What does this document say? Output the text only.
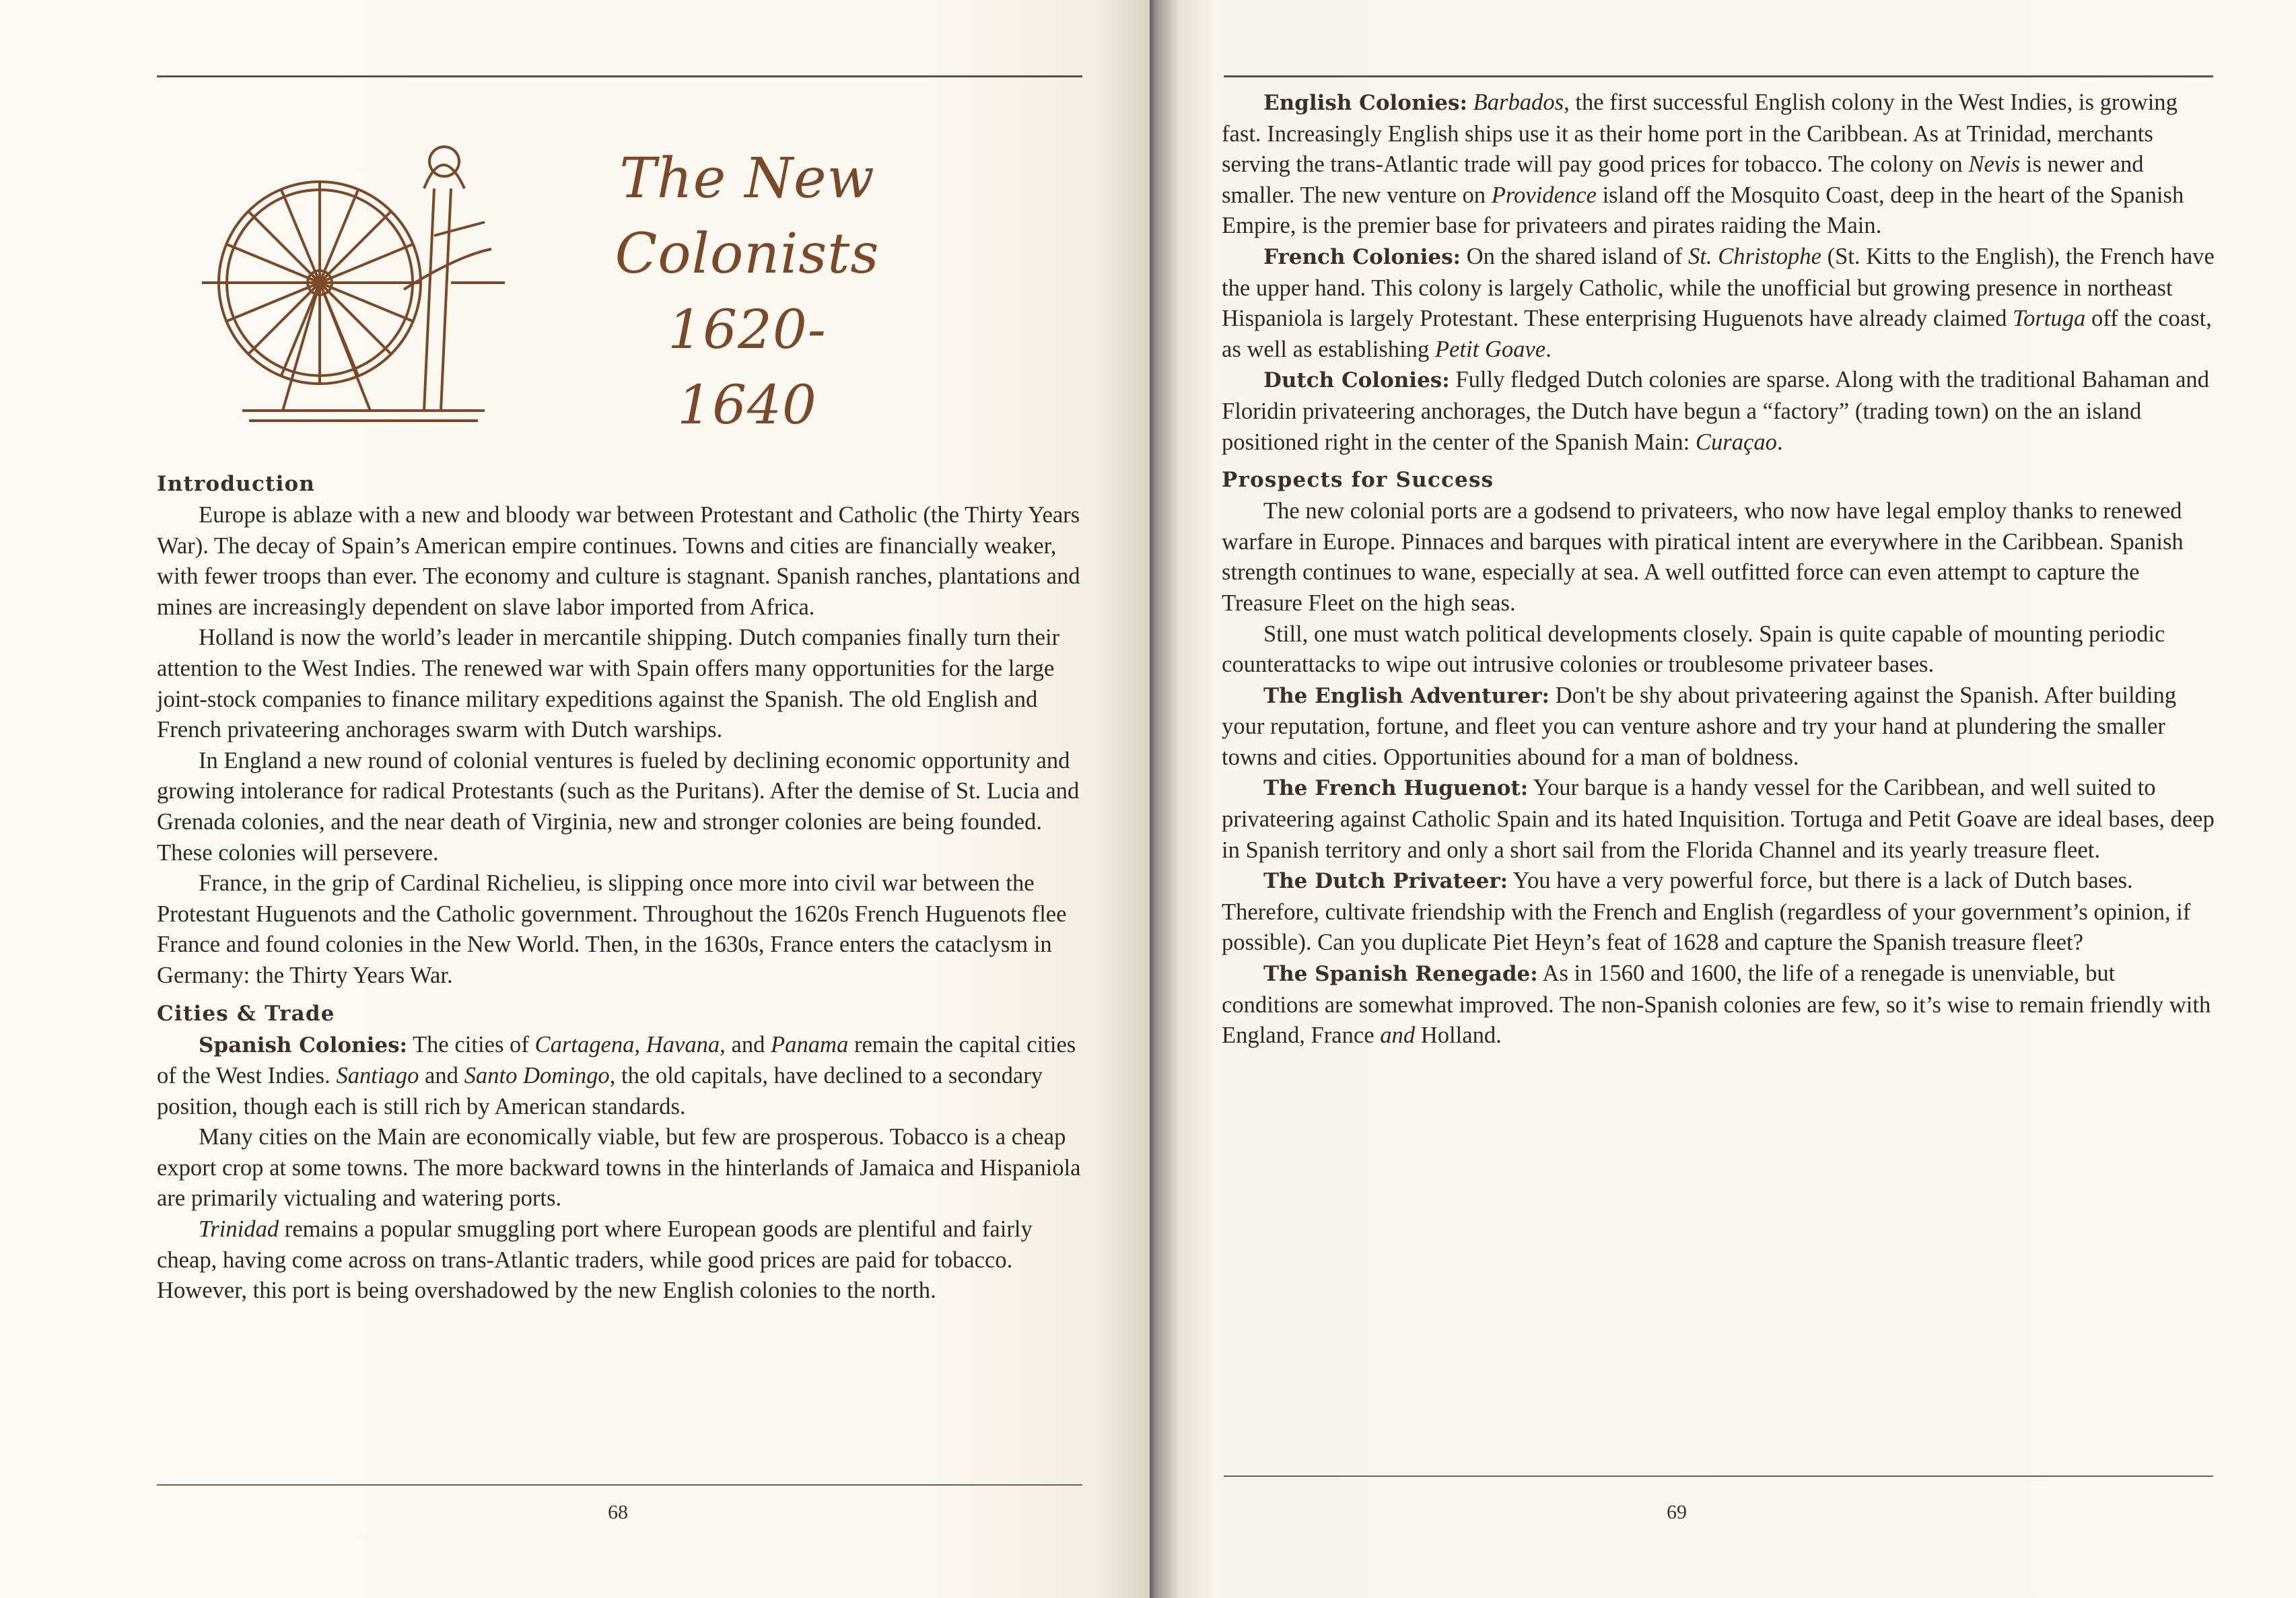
The New
Colonists
1620-1640
Introduction

Europe is ablaze with a new and bloody war between Protestant and Catholic (the Thirty Years War). The decay of Spain’s American empire continues. Towns and cities are financially weaker, with fewer troops than ever. The economy and culture is stagnant. Spanish ranches, plantations and mines are increasingly dependent on slave labor imported from Africa.

Holland is now the world’s leader in mercantile shipping. Dutch companies finally turn their attention to the West Indies. The renewed war with Spain offers many opportunities for the large joint-stock companies to finance military expeditions against the Spanish. The old English and French privateering anchorages swarm with Dutch warships.

In England a new round of colonial ventures is fueled by declining economic opportunity and growing intolerance for radical Protestants (such as the Puritans). After the demise of St. Lucia and Grenada colonies, and the near death of Virginia, new and stronger colonies are being founded. These colonies will persevere.

France, in the grip of Cardinal Richelieu, is slipping once more into civil war between the Protestant Huguenots and the Catholic government. Throughout the 1620s French Huguenots flee France and found colonies in the New World. Then, in the 1630s, France enters the cataclysm in Germany: the Thirty Years War.

Cities & Trade

Spanish Colonies: The cities of Cartagena, Havana, and Panama remain the capital cities of the West Indies. Santiago and Santo Domingo, the old capitals, have declined to a secondary position, though each is still rich by American standards.

Many cities on the Main are economically viable, but few are prosperous. Tobacco is a cheap export crop at some towns. The more backward towns in the hinterlands of Jamaica and Hispaniola are primarily victualing and watering ports.

Trinidad remains a popular smuggling port where European goods are plentiful and fairly cheap, having come across on trans-Atlantic traders, while good prices are paid for tobacco. However, this port is being overshadowed by the new English colonies to the north.

68

English Colonies: Barbados, the first successful English colony in the West Indies, is growing fast. Increasingly English ships use it as their home port in the Caribbean. As at Trinidad, merchants serving the trans-Atlantic trade will pay good prices for tobacco. The colony on Nevis is newer and smaller. The new venture on Providence island off the Mosquito Coast, deep in the heart of the Spanish Empire, is the premier base for privateers and pirates raiding the Main.

French Colonies: On the shared island of St. Christophe (St. Kitts to the English), the French have the upper hand. This colony is largely Catholic, while the unofficial but growing presence in northeast Hispaniola is largely Protestant. These enterprising Huguenots have already claimed Tortuga off the coast, as well as establishing Petit Goave.

Dutch Colonies: Fully fledged Dutch colonies are sparse. Along with the traditional Bahaman and Floridin privateering anchorages, the Dutch have begun a “factory” (trading town) on the an island positioned right in the center of the Spanish Main: Curaçao.

Prospects for Success

The new colonial ports are a godsend to privateers, who now have legal employ thanks to renewed warfare in Europe. Pinnaces and barques with piratical intent are everywhere in the Caribbean. Spanish strength continues to wane, especially at sea. A well outfitted force can even attempt to capture the Treasure Fleet on the high seas.

Still, one must watch political developments closely. Spain is quite capable of mounting periodic counterattacks to wipe out intrusive colonies or troublesome privateer bases.

The English Adventurer: Don't be shy about privateering against the Spanish. After building your reputation, fortune, and fleet you can venture ashore and try your hand at plundering the smaller towns and cities. Opportunities abound for a man of boldness.

The French Huguenot: Your barque is a handy vessel for the Caribbean, and well suited to privateering against Catholic Spain and its hated Inquisition. Tortuga and Petit Goave are ideal bases, deep in Spanish territory and only a short sail from the Florida Channel and its yearly treasure fleet.

The Dutch Privateer: You have a very powerful force, but there is a lack of Dutch bases. Therefore, cultivate friendship with the French and English (regardless of your government’s opinion, if possible). Can you duplicate Piet Heyn’s feat of 1628 and capture the Spanish treasure fleet?

The Spanish Renegade: As in 1560 and 1600, the life of a renegade is unenviable, but conditions are somewhat improved. The non-Spanish colonies are few, so it’s wise to remain friendly with England, France and Holland.

69
